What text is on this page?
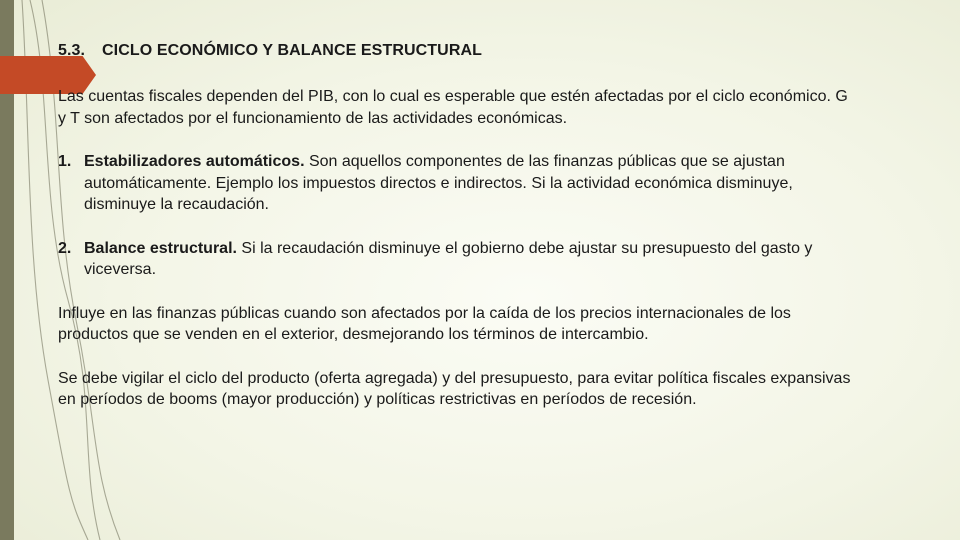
5.3. CICLO ECONÓMICO Y BALANCE ESTRUCTURAL

Las cuentas fiscales dependen del PIB, con lo cual es esperable que estén afectadas por el ciclo económico. G y T son afectados por el funcionamiento de las actividades económicas.

1. Estabilizadores automáticos. Son aquellos componentes de las finanzas públicas que se ajustan automáticamente. Ejemplo los impuestos directos e indirectos. Si la actividad económica disminuye, disminuye la recaudación.
2. Balance estructural. Si la recaudación disminuye el gobierno debe ajustar su presupuesto del gasto y viceversa.

Influye en las finanzas públicas cuando son afectados por la caída de los precios internacionales de los productos que se venden en el exterior, desmejorando los términos de intercambio.

Se debe vigilar el ciclo del producto (oferta agregada) y del presupuesto, para evitar política fiscales expansivas en períodos de booms (mayor producción) y políticas restrictivas en períodos de recesión.
